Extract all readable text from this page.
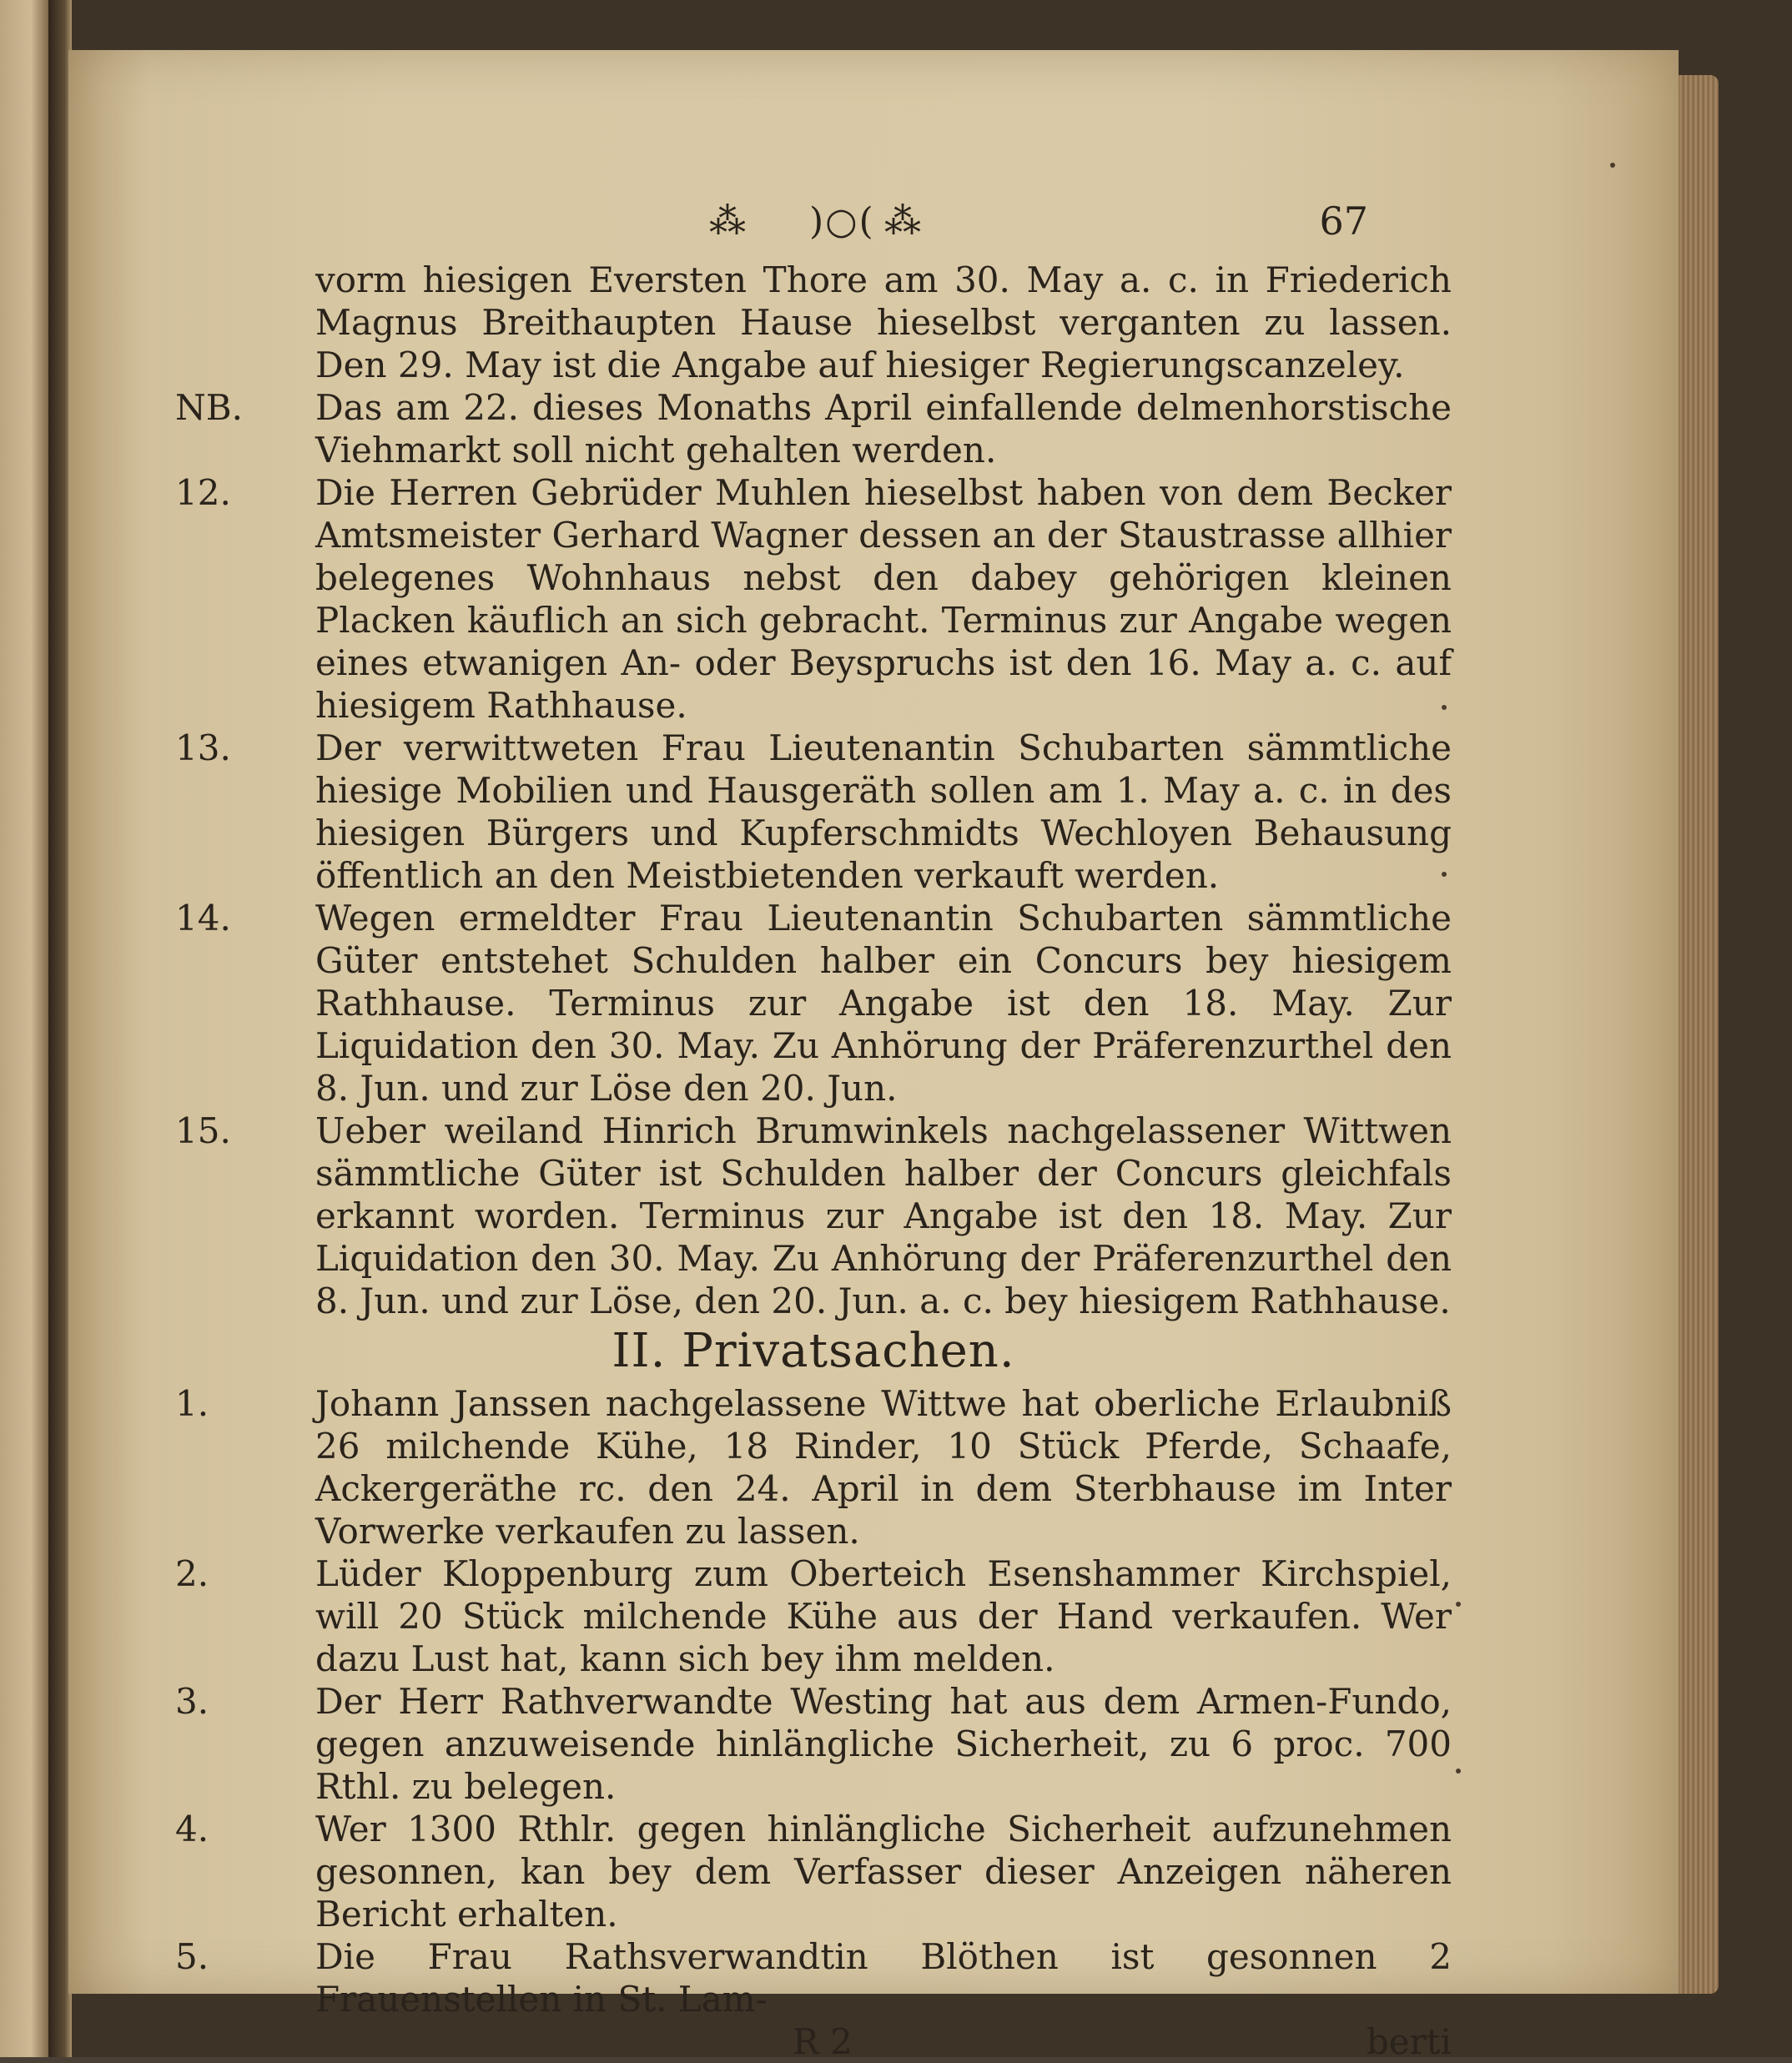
⁂ )○( ⁂	67
vorm hiesigen Eversten Thore am 30. May a. c. in Friederich Magnus Breithaupten Hause hieselbst verganten zu lassen. Den 29. May ist die Angabe auf hiesiger Regierungscanzeley.
NB. Das am 22. dieses Monaths April einfallende delmenhorstische Viehmarkt soll nicht gehalten werden.
12. Die Herren Gebrüder Muhlen hieselbst haben von dem Becker Amtsmeister Gerhard Wagner dessen an der Staustrasse allhier belegenes Wohnhaus nebst den dabey gehörigen kleinen Placken käuflich an sich gebracht. Terminus zur Angabe wegen eines etwanigen An- oder Beyspruchs ist den 16. May a. c. auf hiesigem Rathhause.
13. Der verwittweten Frau Lieutenantin Schubarten sämmtliche hiesige Mobilien und Hausgeräth sollen am 1. May a. c. in des hiesigen Bürgers und Kupferschmidts Wechloyen Behausung öffentlich an den Meistbietenden verkauft werden.
14. Wegen ermeldter Frau Lieutenantin Schubarten sämmtliche Güter entstehet Schulden halber ein Concurs bey hiesigem Rathhause. Terminus zur Angabe ist den 18. May. Zur Liquidation den 30. May. Zu Anhörung der Präferenzurthel den 8. Jun. und zur Löse den 20. Jun.
15. Ueber weiland Hinrich Brumwinkels nachgelassener Wittwen sämmtliche Güter ist Schulden halber der Concurs gleichfals erkannt worden. Terminus zur Angabe ist den 18. May. Zur Liquidation den 30. May. Zu Anhörung der Präferenzurthel den 8. Jun. und zur Löse, den 20. Jun. a. c. bey hiesigem Rathhause.
II. Privatsachen.
1.	Johann Janssen nachgelassene Wittwe hat oberliche Erlaubniß 26 milchende Kühe, 18 Rinder, 10 Stück Pferde, Schaafe, Ackergeräthe rc. den 24. April in dem Sterbhause im Inter Vorwerke verkaufen zu lassen.
2.	Lüder Kloppenburg zum Oberteich Esenshammer Kirchspiel, will 20 Stück milchende Kühe aus der Hand verkaufen. Wer dazu Lust hat, kann sich bey ihm melden.
3.	Der Herr Rathverwandte Westing hat aus dem Armen-Fundo, gegen anzuweisende hinlängliche Sicherheit, zu 6 proc. 700 Rthl. zu belegen.
4.	Wer 1300 Rthlr. gegen hinlängliche Sicherheit aufzunehmen gesonnen, kan bey dem Verfasser dieser Anzeigen näheren Bericht erhalten.
5.	Die Frau Rathsverwandtin Blöthen ist gesonnen 2 Frauenstellen in St. Lam-
R 2	berti
